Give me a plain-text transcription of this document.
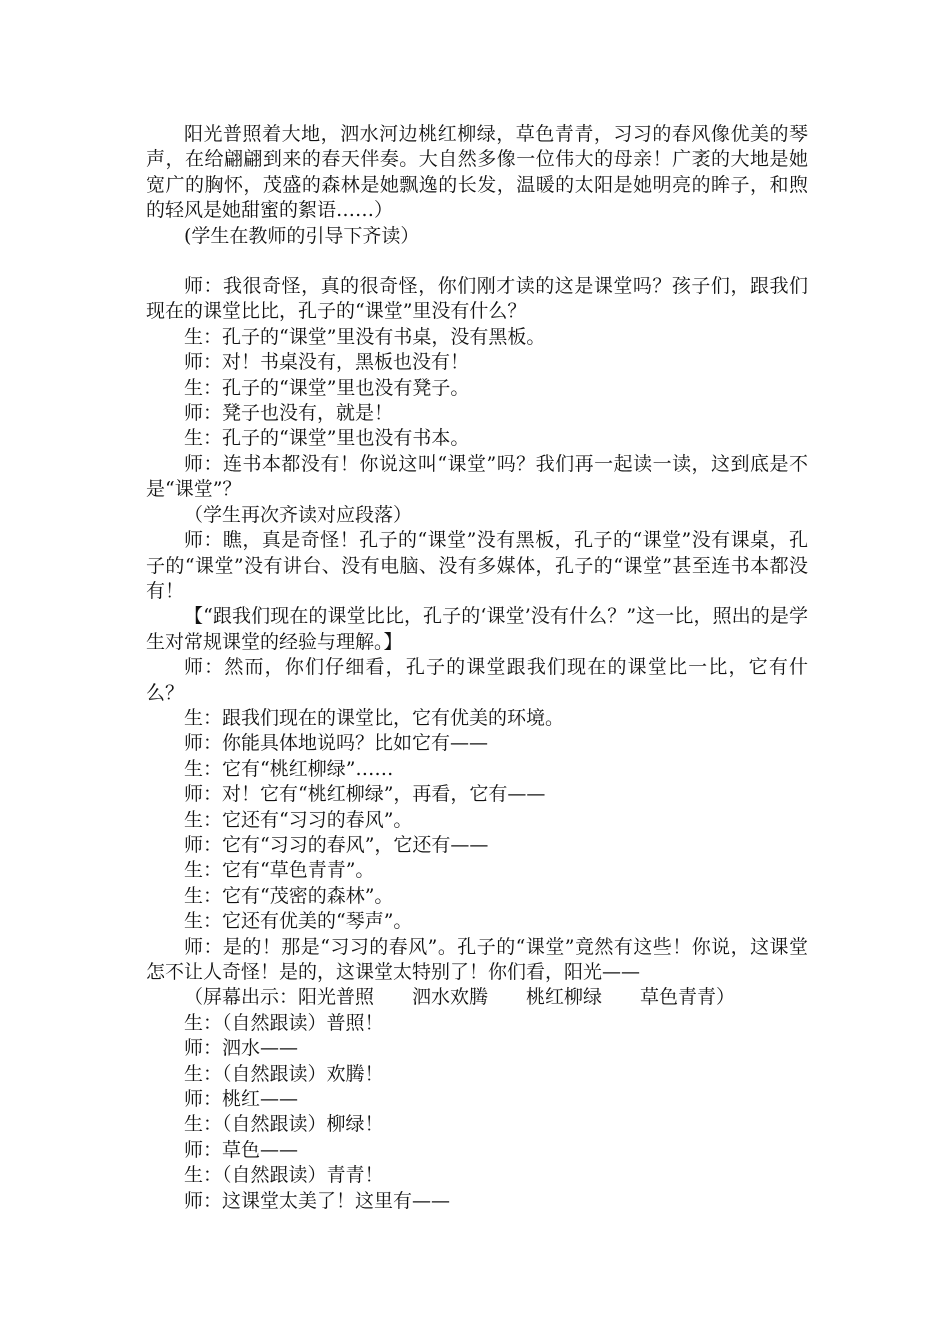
阳光普照着大地，泗水河边桃红柳绿，草色青青，习习的春风像优美的琴声，在给翩翩到来的春天伴奏。大自然多像一位伟大的母亲！广袤的大地是她宽广的胸怀，茂盛的森林是她飘逸的长发，温暖的太阳是她明亮的眸子，和煦的轻风是她甜蜜的絮语……）

(学生在教师的引导下齐读）

师：我很奇怪，真的很奇怪，你们刚才读的这是课堂吗？孩子们，跟我们现在的课堂比比，孔子的“课堂”里没有什么？

生：孔子的“课堂”里没有书桌，没有黑板。

师：对！书桌没有，黑板也没有！

生：孔子的“课堂”里也没有凳子。

师：凳子也没有，就是！

生：孔子的“课堂”里也没有书本。

师：连书本都没有！你说这叫“课堂”吗？我们再一起读一读，这到底是不是“课堂”？

（学生再次齐读对应段落）

师：瞧，真是奇怪！孔子的“课堂”没有黑板，孔子的“课堂”没有课桌，孔子的“课堂”没有讲台、没有电脑、没有多媒体，孔子的“课堂”甚至连书本都没有！

【“跟我们现在的课堂比比，孔子的‘课堂’没有什么？”这一比，照出的是学生对常规课堂的经验与理解。】

师：然而，你们仔细看，孔子的课堂跟我们现在的课堂比一比，它有什么？

生：跟我们现在的课堂比，它有优美的环境。

师：你能具体地说吗？比如它有——

生：它有“桃红柳绿”……

师：对！它有“桃红柳绿”，再看，它有——

生：它还有“习习的春风”。

师：它有“习习的春风”，它还有——

生：它有“草色青青”。

生：它有“茂密的森林”。

生：它还有优美的“琴声”。

师：是的！那是“习习的春风”。孔子的“课堂”竟然有这些！你说，这课堂怎不让人奇怪！是的，这课堂太特别了！你们看，阳光——

（屏幕出示：阳光普照　　泗水欢腾　　桃红柳绿　　草色青青）

生：（自然跟读）普照！

师：泗水——

生：（自然跟读）欢腾！

师：桃红——

生：（自然跟读）柳绿！

师：草色——

生：（自然跟读）青青！

师：这课堂太美了！这里有——
